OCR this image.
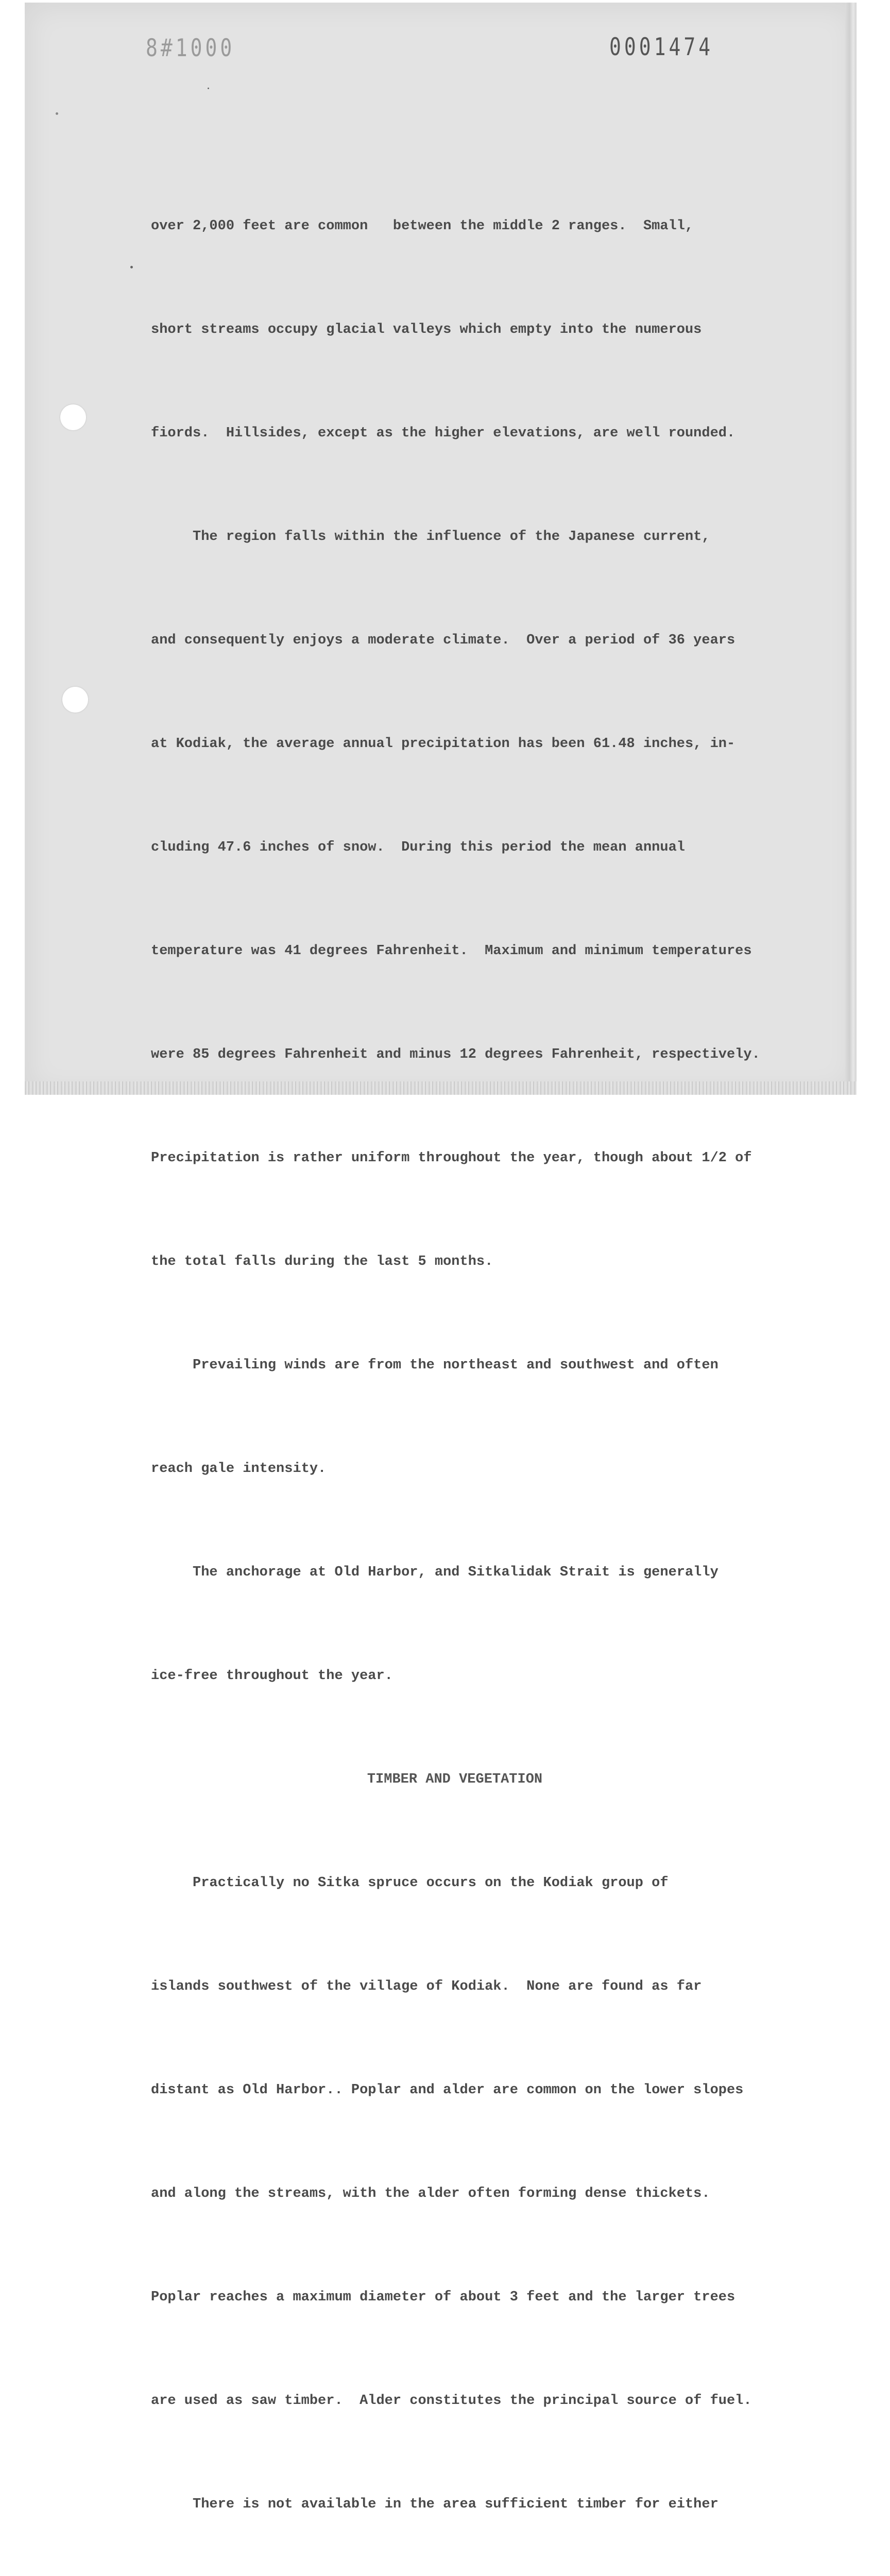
8#1000	0001474

over 2,000 feet are common   between the middle 2 ranges.  Small,

short streams occupy glacial valleys which empty into the numerous

fiords.  Hillsides, except as the higher elevations, are well rounded.

The region falls within the influence of the Japanese current,

and consequently enjoys a moderate climate.  Over a period of 36 years

at Kodiak, the average annual precipitation has been 61.48 inches, in-

cluding 47.6 inches of snow.  During this period the mean annual

temperature was 41 degrees Fahrenheit.  Maximum and minimum temperatures

were 85 degrees Fahrenheit and minus 12 degrees Fahrenheit, respectively.

Precipitation is rather uniform throughout the year, though about 1/2 of

the total falls during the last 5 months.

Prevailing winds are from the northeast and southwest and often

reach gale intensity.

The anchorage at Old Harbor, and Sitkalidak Strait is generally

ice-free throughout the year.

TIMBER AND VEGETATION

Practically no Sitka spruce occurs on the Kodiak group of

islands southwest of the village of Kodiak.  None are found as far

distant as Old Harbor.. Poplar and alder are common on the lower slopes

and along the streams, with the alder often forming dense thickets.

Poplar reaches a maximum diameter of about 3 feet and the larger trees

are used as saw timber.  Alder constitutes the principal source of fuel.

There is not available in the area sufficient timber for either
